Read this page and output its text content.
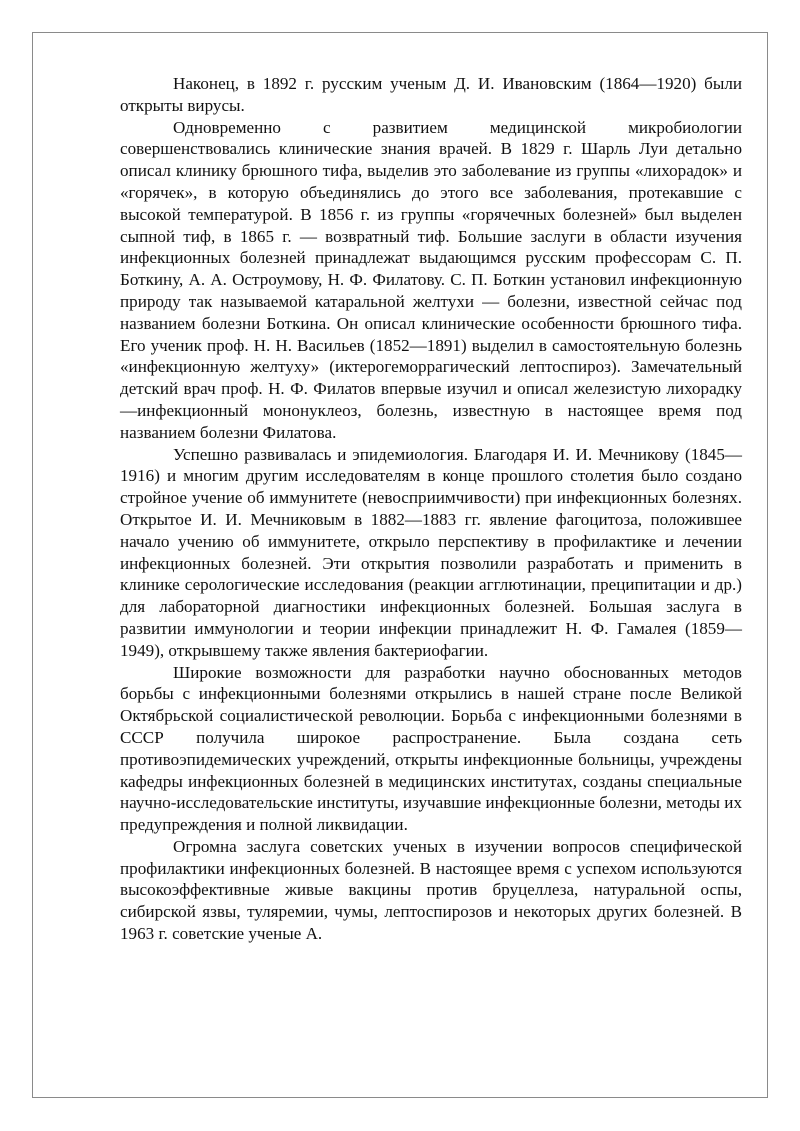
Наконец, в 1892 г. русским ученым Д. И. Ивановским (1864—1920) были открыты вирусы.

Одновременно с развитием медицинской микробиологии совершенствовались клинические знания врачей. В 1829 г. Шарль Луи детально описал клинику брюшного тифа, выделив это заболевание из группы «лихорадок» и «горячек», в которую объединялись до этого все заболевания, протекавшие с высокой температурой. В 1856 г. из группы «горячечных болезней» был выделен сыпной тиф, в 1865 г. — возвратный тиф. Большие заслуги в области изучения инфекционных болезней принадлежат выдающимся русским профессорам С. П. Боткину, А. А. Остроумову, Н. Ф. Филатову. С. П. Боткин установил инфекционную природу так называемой катаральной желтухи — болезни, известной сейчас под названием болезни Боткина. Он описал клинические особенности брюшного тифа. Его ученик проф. Н. Н. Васильев (1852—1891) выделил в самостоятельную болезнь «инфекционную желтуху» (иктерогеморрагический лептоспироз). Замечательный детский врач проф. Н. Ф. Филатов впервые изучил и описал железистую лихорадку—инфекционный мононуклеоз, болезнь, известную в настоящее время под названием болезни Филатова.

Успешно развивалась и эпидемиология. Благодаря И. И. Мечникову (1845—1916) и многим другим исследователям в конце прошлого столетия было создано стройное учение об иммунитете (невосприимчивости) при инфекционных болезнях. Открытое И. И. Мечниковым в 1882—1883 гг. явление фагоцитоза, положившее начало учению об иммунитете, открыло перспективу в профилактике и лечении инфекционных болезней. Эти открытия позволили разработать и применить в клинике серологические исследования (реакции агглютинации, преципитации и др.) для лабораторной диагностики инфекционных болезней. Большая заслуга в развитии иммунологии и теории инфекции принадлежит Н. Ф. Гамалея (1859—1949), открывшему также явления бактериофагии.

Широкие возможности для разработки научно обоснованных методов борьбы с инфекционными болезнями открылись в нашей стране после Великой Октябрьской социалистической революции. Борьба с инфекционными болезнями в СССР получила широкое распространение. Была создана сеть противоэпидемических учреждений, открыты инфекционные больницы, учреждены кафедры инфекционных болезней в медицинских институтах, созданы специальные научно-исследовательские институты, изучавшие инфекционные болезни, методы их предупреждения и полной ликвидации.

Огромна заслуга советских ученых в изучении вопросов специфической профилактики инфекционных болезней. В настоящее время с успехом используются высокоэффективные живые вакцины против бруцеллеза, натуральной оспы, сибирской язвы, туляремии, чумы, лептоспирозов и некоторых других болезней. В 1963 г. советские ученые А.
